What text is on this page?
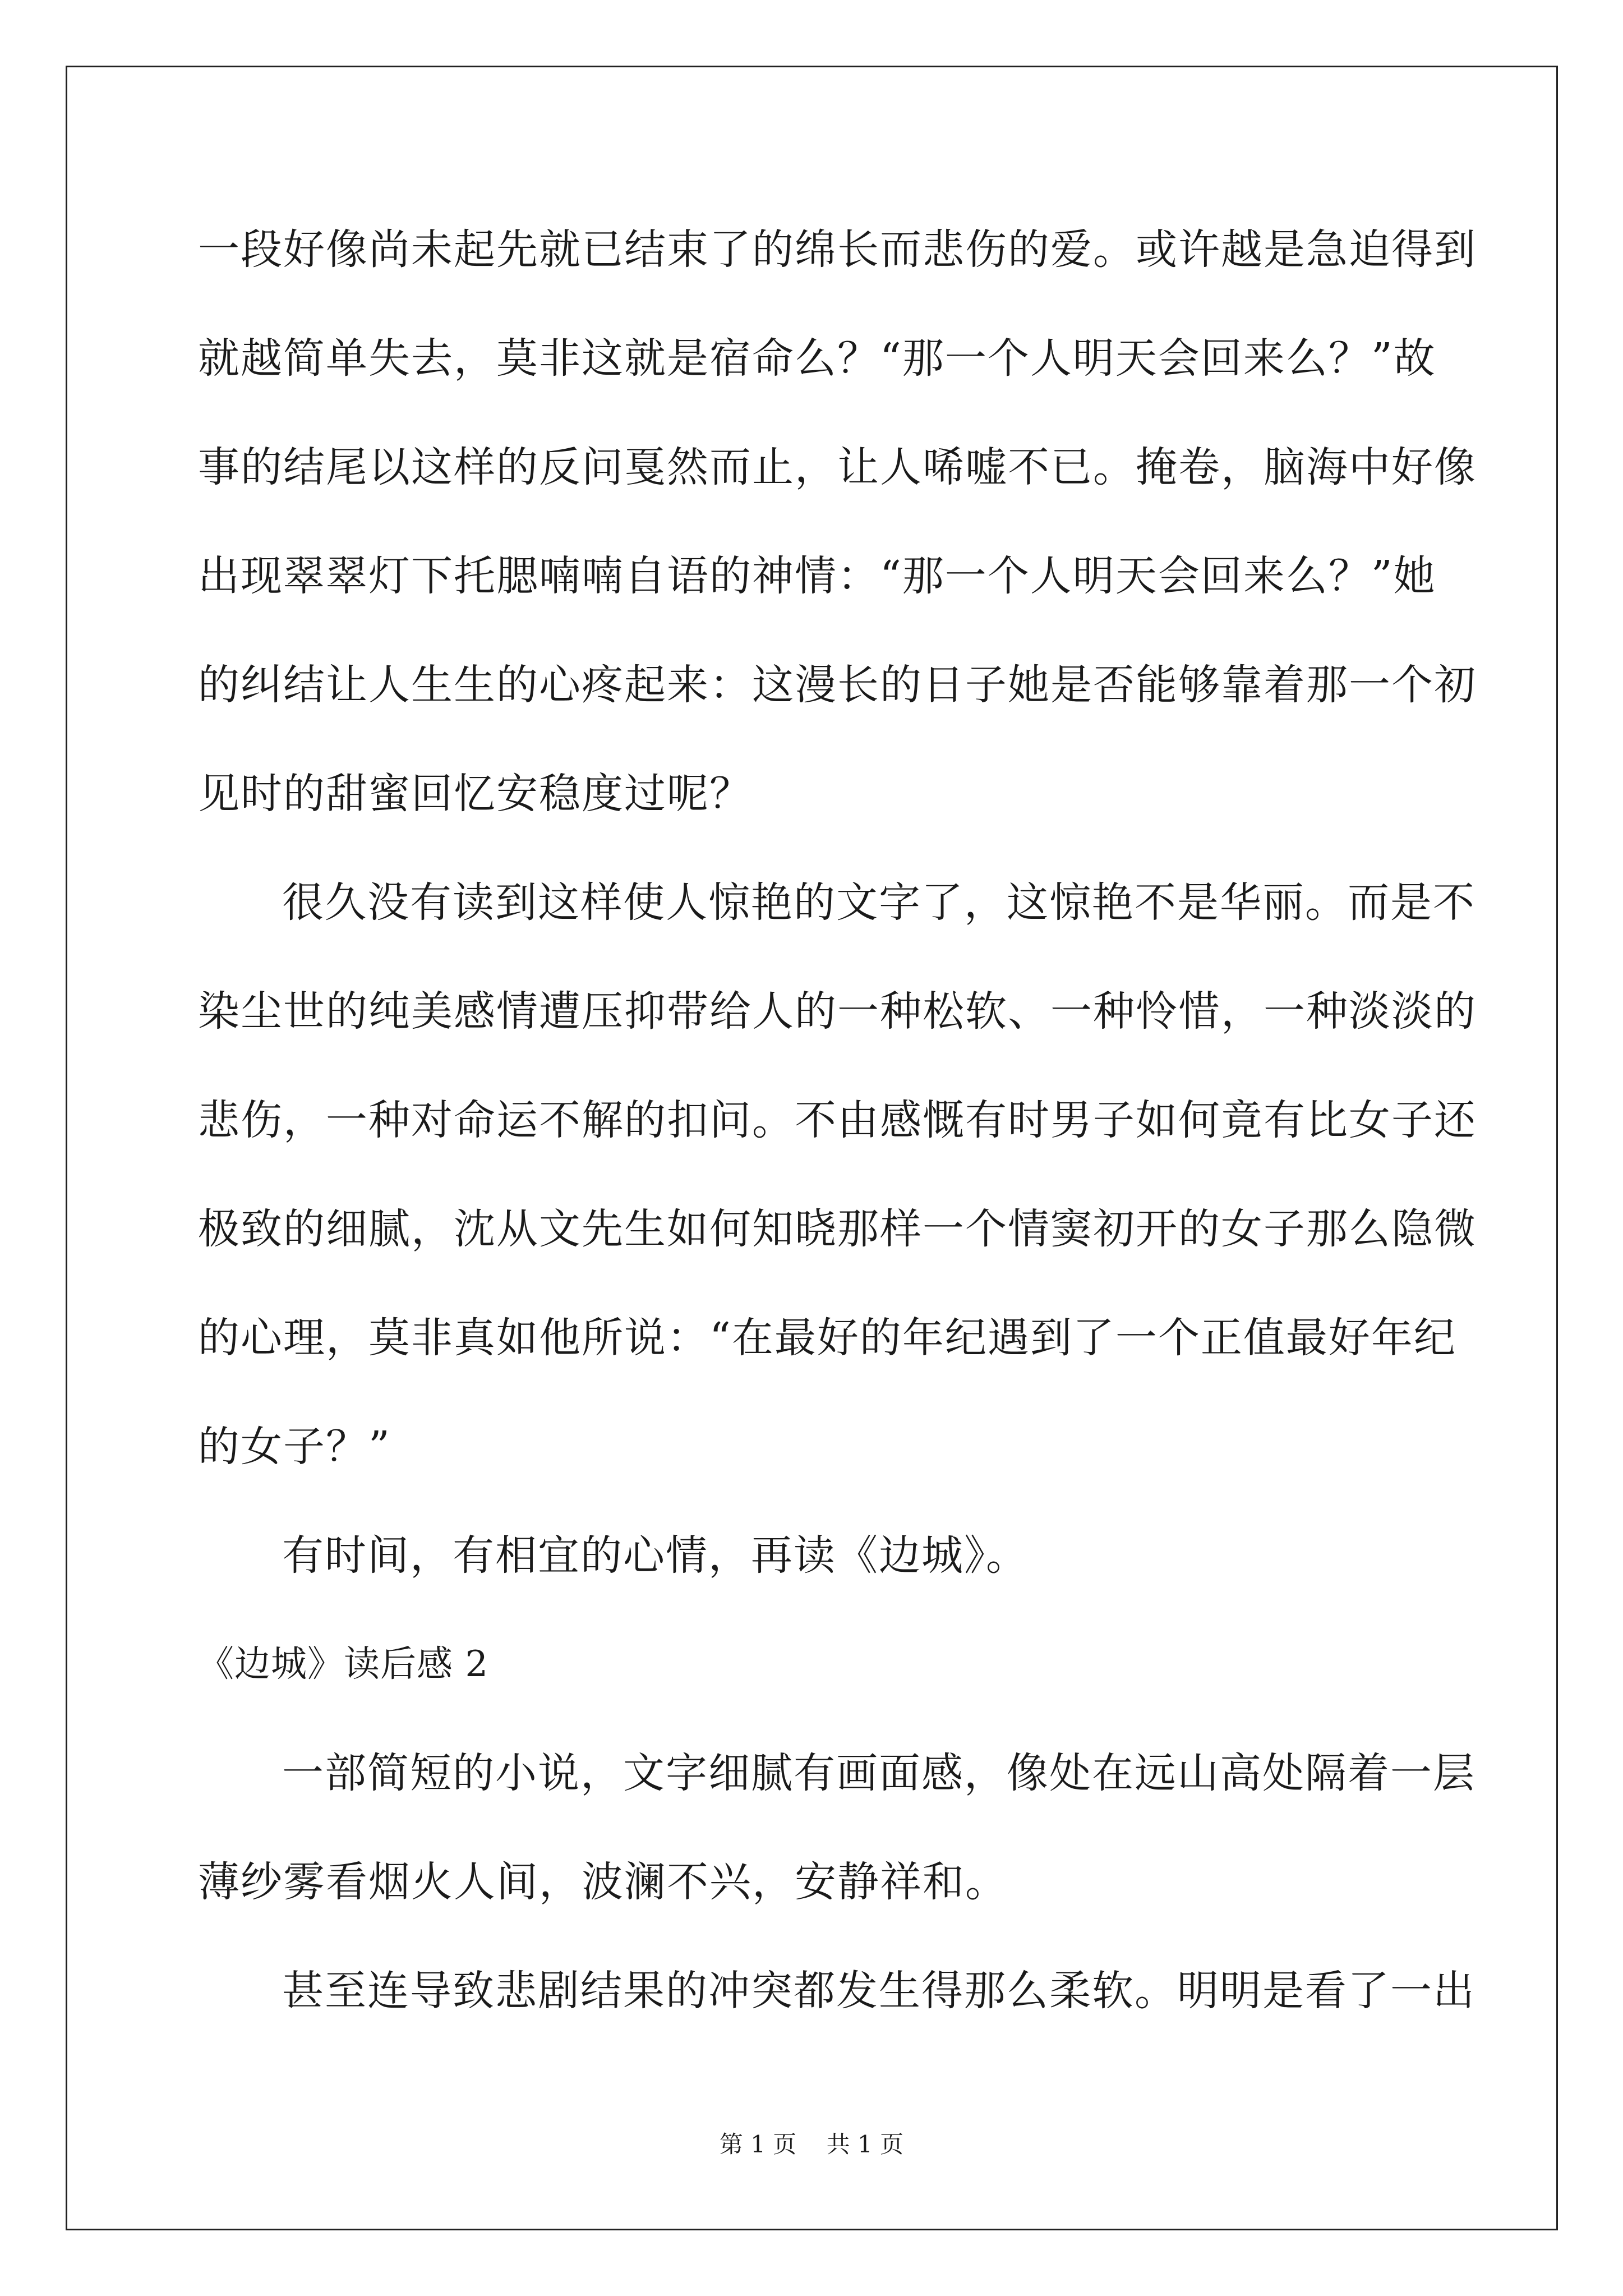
一段好像尚未起先就已结束了的绵长而悲伤的爱。或许越是急迫得到
就越简单失去，莫非这就是宿命么？“那一个人明天会回来么？”故
事的结尾以这样的反问戛然而止，让人唏嘘不已。掩卷，脑海中好像
出现翠翠灯下托腮喃喃自语的神情：“那一个人明天会回来么？”她
的纠结让人生生的心疼起来：这漫长的日子她是否能够靠着那一个初
见时的甜蜜回忆安稳度过呢？
很久没有读到这样使人惊艳的文字了，这惊艳不是华丽。而是不
染尘世的纯美感情遭压抑带给人的一种松软、一种怜惜，一种淡淡的
悲伤，一种对命运不解的扣问。不由感慨有时男子如何竟有比女子还
极致的细腻，沈从文先生如何知晓那样一个情窦初开的女子那么隐微
的心理，莫非真如他所说：“在最好的年纪遇到了一个正值最好年纪
的女子？”
有时间，有相宜的心情，再读《边城》。
《边城》读后感 2
一部简短的小说，文字细腻有画面感，像处在远山高处隔着一层
薄纱雾看烟火人间，波澜不兴，安静祥和。
甚至连导致悲剧结果的冲突都发生得那么柔软。明明是看了一出
第 1 页    共 1 页
